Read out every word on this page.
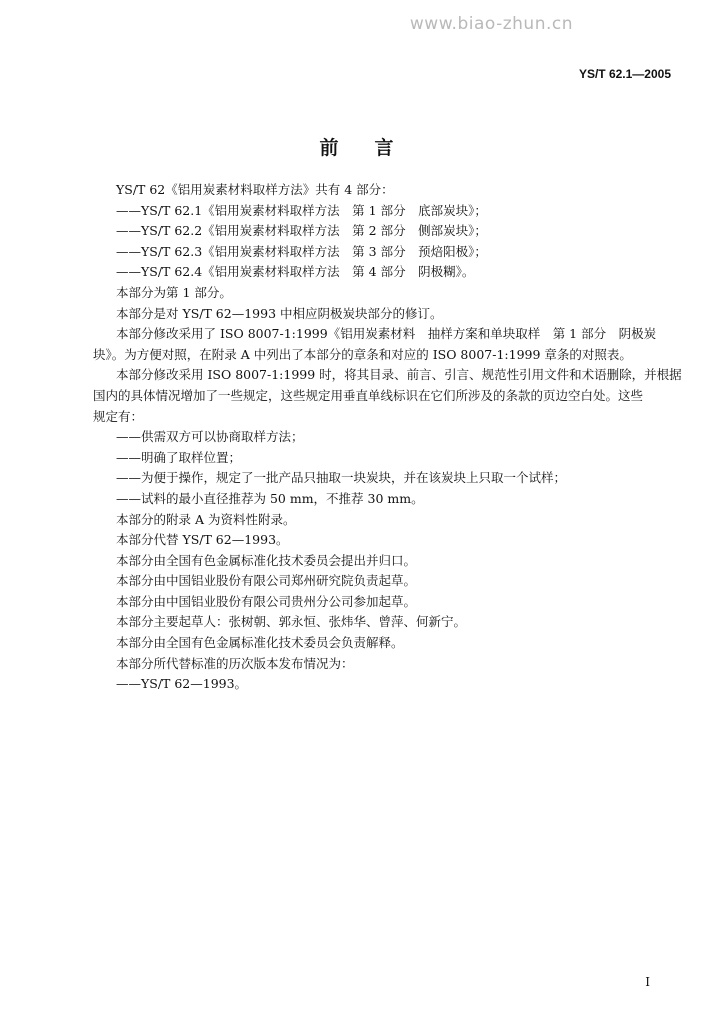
www.biao-zhun.cn
YS/T 62.1—2005
前言
YS/T 62《铝用炭素材料取样方法》共有 4 部分：
——YS/T 62.1《铝用炭素材料取样方法　第 1 部分　底部炭块》；
——YS/T 62.2《铝用炭素材料取样方法　第 2 部分　侧部炭块》；
——YS/T 62.3《铝用炭素材料取样方法　第 3 部分　预焙阳极》；
——YS/T 62.4《铝用炭素材料取样方法　第 4 部分　阴极糊》。
本部分为第 1 部分。
本部分是对 YS/T 62—1993 中相应阴极炭块部分的修订。
本部分修改采用了 ISO 8007-1:1999《铝用炭素材料　抽样方案和单块取样　第 1 部分　阴极炭
块》。为方便对照，在附录 A 中列出了本部分的章条和对应的 ISO 8007-1:1999 章条的对照表。
本部分修改采用 ISO 8007-1:1999 时，将其目录、前言、引言、规范性引用文件和术语删除，并根据
国内的具体情况增加了一些规定，这些规定用垂直单线标识在它们所涉及的条款的页边空白处。这些
规定有：
——供需双方可以协商取样方法；
——明确了取样位置；
——为便于操作，规定了一批产品只抽取一块炭块，并在该炭块上只取一个试样；
——试料的最小直径推荐为 50 mm，不推荐 30 mm。
本部分的附录 A 为资料性附录。
本部分代替 YS/T 62—1993。
本部分由全国有色金属标准化技术委员会提出并归口。
本部分由中国铝业股份有限公司郑州研究院负责起草。
本部分由中国铝业股份有限公司贵州分公司参加起草。
本部分主要起草人：张树朝、郭永恒、张炜华、曾萍、何新宁。
本部分由全国有色金属标准化技术委员会负责解释。
本部分所代替标准的历次版本发布情况为：
——YS/T 62—1993。
I
